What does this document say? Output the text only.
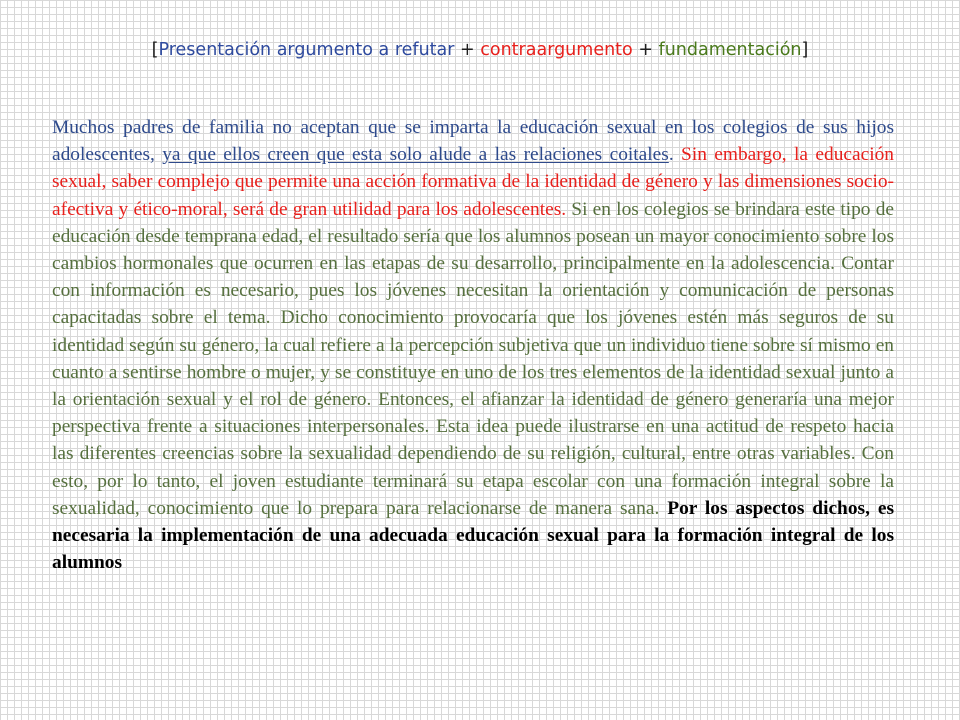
[Presentación argumento a refutar + contraargumento + fundamentación]

Muchos padres de familia no aceptan que se imparta la educación sexual en los colegios de sus hijos adolescentes, ya que ellos creen que esta solo alude a las relaciones coitales. Sin embargo, la educación sexual, saber complejo que permite una acción formativa de la identidad de género y las dimensiones socio-afectiva y ético-moral, será de gran utilidad para los adolescentes. Si en los colegios se brindara este tipo de educación desde temprana edad, el resultado sería que los alumnos posean un mayor conocimiento sobre los cambios hormonales que ocurren en las etapas de su desarrollo, principalmente en la adolescencia. Contar con información es necesario, pues los jóvenes necesitan la orientación y comunicación de personas capacitadas sobre el tema. Dicho conocimiento provocaría que los jóvenes estén más seguros de su identidad según su género, la cual refiere a la percepción subjetiva que un individuo tiene sobre sí mismo en cuanto a sentirse hombre o mujer, y se constituye en uno de los tres elementos de la identidad sexual junto a la orientación sexual y el rol de género. Entonces, el afianzar la identidad de género generaría una mejor perspectiva frente a situaciones interpersonales. Esta idea puede ilustrarse en una actitud de respeto hacia las diferentes creencias sobre la sexualidad dependiendo de su religión, cultural, entre otras variables. Con esto, por lo tanto, el joven estudiante terminará su etapa escolar con una formación integral sobre la sexualidad, conocimiento que lo prepara para relacionarse de manera sana. Por los aspectos dichos, es necesaria la implementación de una adecuada educación sexual para la formación integral de los alumnos
